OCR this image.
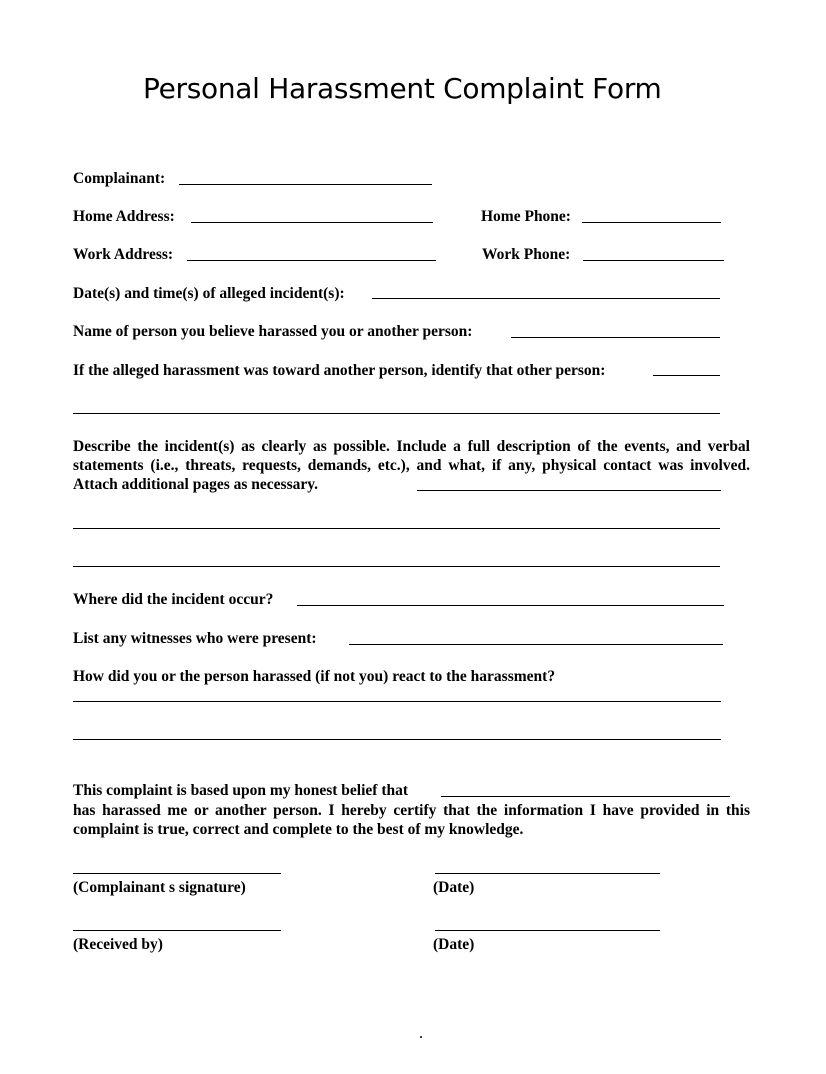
Personal Harassment Complaint Form
Complainant:
Home Address:	Home Phone:
Work Address:	Work Phone:
Date(s) and time(s) of alleged incident(s):
Name of person you believe harassed you or another person:
If the alleged harassment was toward another person, identify that other person:
Describe the incident(s) as clearly as possible. Include a full description of the events, and verbal statements (i.e., threats, requests, demands, etc.), and what, if any, physical contact was involved. Attach additional pages as necessary.
Where did the incident occur?
List any witnesses who were present:
How did you or the person harassed (if not you) react to the harassment?
This complaint is based upon my honest belief that
has harassed me or another person. I hereby certify that the information I have provided in this complaint is true, correct and complete to the best of my knowledge.
(Complainant s signature)	(Date)
(Received by)	(Date)
